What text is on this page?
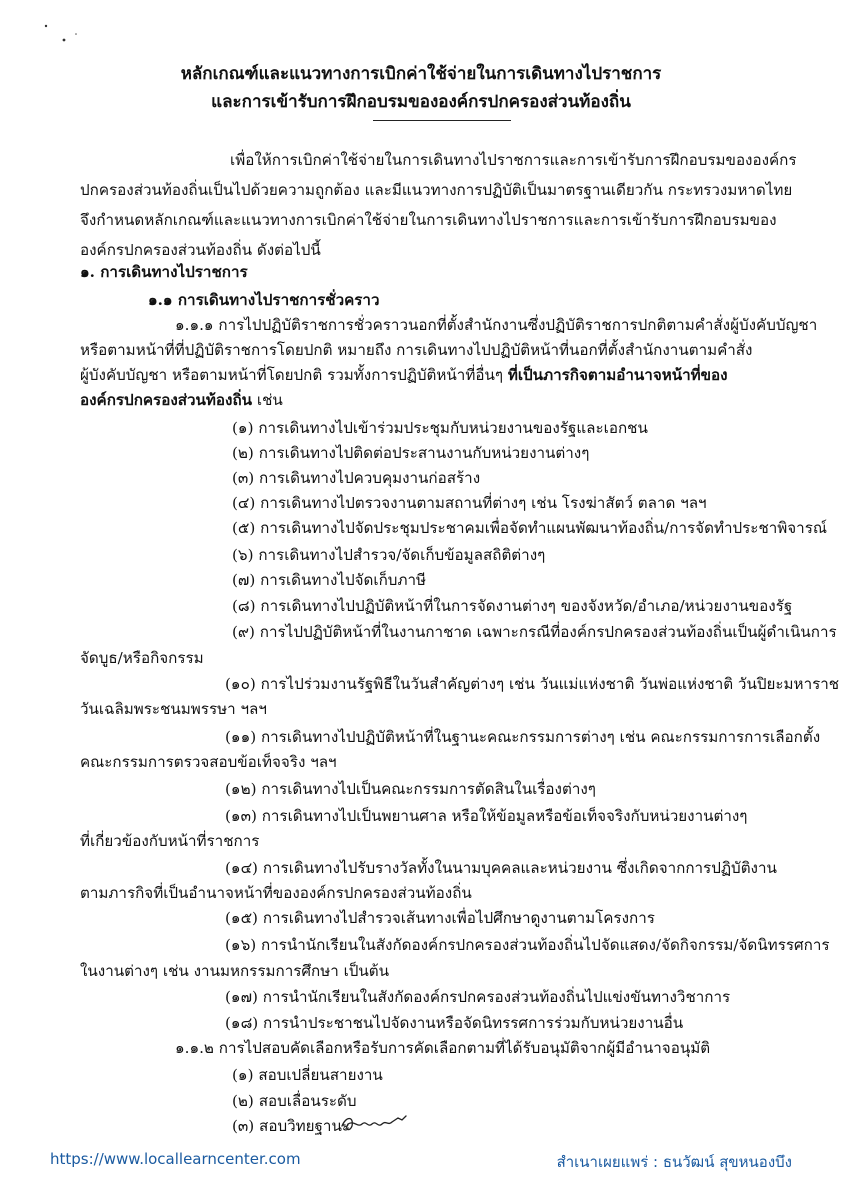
หลักเกณฑ์และแนวทางการเบิกค่าใช้จ่ายในการเดินทางไปราชการ
และการเข้ารับการฝึกอบรมขององค์กรปกครองส่วนท้องถิ่น
เพื่อให้การเบิกค่าใช้จ่ายในการเดินทางไปราชการและการเข้ารับการฝึกอบรมขององค์กร
ปกครองส่วนท้องถิ่นเป็นไปด้วยความถูกต้อง และมีแนวทางการปฏิบัติเป็นมาตรฐานเดียวกัน กระทรวงมหาดไทย
จึงกำหนดหลักเกณฑ์และแนวทางการเบิกค่าใช้จ่ายในการเดินทางไปราชการและการเข้ารับการฝึกอบรมของ
องค์กรปกครองส่วนท้องถิ่น ดังต่อไปนี้
๑. การเดินทางไปราชการ
๑.๑ การเดินทางไปราชการชั่วคราว
๑.๑.๑ การไปปฏิบัติราชการชั่วคราวนอกที่ตั้งสำนักงานซึ่งปฏิบัติราชการปกติตามคำสั่งผู้บังคับบัญชา
หรือตามหน้าที่ที่ปฏิบัติราชการโดยปกติ หมายถึง การเดินทางไปปฏิบัติหน้าที่นอกที่ตั้งสำนักงานตามคำสั่ง
ผู้บังคับบัญชา หรือตามหน้าที่โดยปกติ รวมทั้งการปฏิบัติหน้าที่อื่นๆ ที่เป็นภารกิจตามอำนาจหน้าที่ของ
องค์กรปกครองส่วนท้องถิ่น เช่น
(๑) การเดินทางไปเข้าร่วมประชุมกับหน่วยงานของรัฐและเอกชน
(๒) การเดินทางไปติดต่อประสานงานกับหน่วยงานต่างๆ
(๓) การเดินทางไปควบคุมงานก่อสร้าง
(๔) การเดินทางไปตรวจงานตามสถานที่ต่างๆ เช่น โรงฆ่าสัตว์ ตลาด ฯลฯ
(๕) การเดินทางไปจัดประชุมประชาคมเพื่อจัดทำแผนพัฒนาท้องถิ่น/การจัดทำประชาพิจารณ์
(๖) การเดินทางไปสำรวจ/จัดเก็บข้อมูลสถิติต่างๆ
(๗) การเดินทางไปจัดเก็บภาษี
(๘) การเดินทางไปปฏิบัติหน้าที่ในการจัดงานต่างๆ ของจังหวัด/อำเภอ/หน่วยงานของรัฐ
(๙) การไปปฏิบัติหน้าที่ในงานกาชาด เฉพาะกรณีที่องค์กรปกครองส่วนท้องถิ่นเป็นผู้ดำเนินการ
จัดบูธ/หรือกิจกรรม
(๑๐) การไปร่วมงานรัฐพิธีในวันสำคัญต่างๆ เช่น วันแม่แห่งชาติ วันพ่อแห่งชาติ วันปิยะมหาราช
วันเฉลิมพระชนมพรรษา ฯลฯ
(๑๑) การเดินทางไปปฏิบัติหน้าที่ในฐานะคณะกรรมการต่างๆ เช่น คณะกรรมการการเลือกตั้ง
คณะกรรมการตรวจสอบข้อเท็จจริง ฯลฯ
(๑๒) การเดินทางไปเป็นคณะกรรมการตัดสินในเรื่องต่างๆ
(๑๓) การเดินทางไปเป็นพยานศาล หรือให้ข้อมูลหรือข้อเท็จจริงกับหน่วยงานต่างๆ
ที่เกี่ยวข้องกับหน้าที่ราชการ
(๑๔) การเดินทางไปรับรางวัลทั้งในนามบุคคลและหน่วยงาน ซึ่งเกิดจากการปฏิบัติงาน
ตามภารกิจที่เป็นอำนาจหน้าที่ขององค์กรปกครองส่วนท้องถิ่น
(๑๕) การเดินทางไปสำรวจเส้นทางเพื่อไปศึกษาดูงานตามโครงการ
(๑๖) การนำนักเรียนในสังกัดองค์กรปกครองส่วนท้องถิ่นไปจัดแสดง/จัดกิจกรรม/จัดนิทรรศการ
ในงานต่างๆ เช่น งานมหกรรมการศึกษา เป็นต้น
(๑๗) การนำนักเรียนในสังกัดองค์กรปกครองส่วนท้องถิ่นไปแข่งขันทางวิชาการ
(๑๘) การนำประชาชนไปจัดงานหรือจัดนิทรรศการร่วมกับหน่วยงานอื่น
๑.๑.๒ การไปสอบคัดเลือกหรือรับการคัดเลือกตามที่ได้รับอนุมัติจากผู้มีอำนาจอนุมัติ
(๑) สอบเปลี่ยนสายงาน
(๒) สอบเลื่อนระดับ
(๓) สอบวิทยฐานะ
https://www.locallearncenter.com	สำเนาเผยแพร่ : ธนวัฒน์ สุขหนองบึง
